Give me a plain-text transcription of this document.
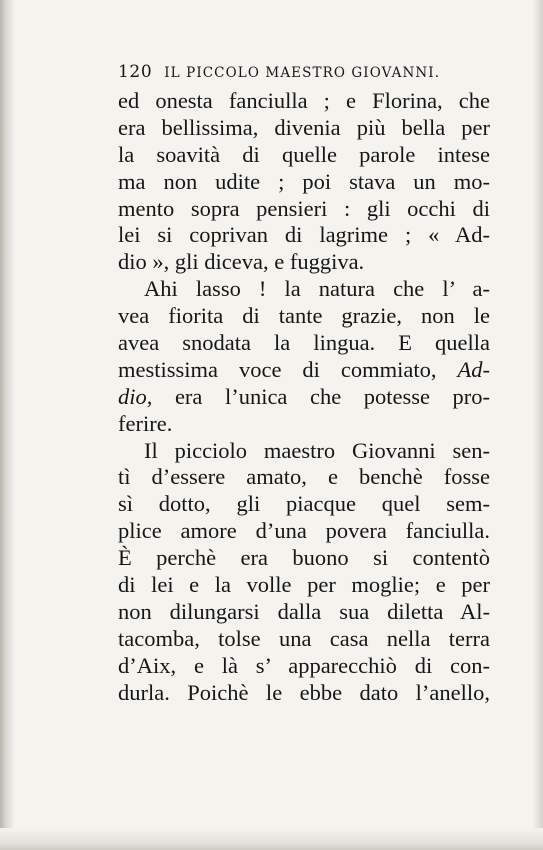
120 IL PICCOLO MAESTRO GIOVANNI.
ed onesta fanciulla ; e Florina, che
era bellissima, divenia più bella per
la soavità di quelle parole intese
ma non udite ; poi stava un mo-
mento sopra pensieri : gli occhi di
lei si coprivan di lagrime ; « Ad-
dio », gli diceva, e fuggiva.
Ahi lasso ! la natura che l’ a-
vea fiorita di tante grazie, non le
avea snodata la lingua. E quella
mestissima voce di commiato, Ad-
dio, era l’unica che potesse pro-
ferire.
Il picciolo maestro Giovanni sen-
tì d’essere amato, e benchè fosse
sì dotto, gli piacque quel sem-
plice amore d’una povera fanciulla.
È perchè era buono si contentò
di lei e la volle per moglie; e per
non dilungarsi dalla sua diletta Al-
tacomba, tolse una casa nella terra
d’Aix, e là s’ apparecchiò di con-
durla. Poichè le ebbe dato l’anello,
